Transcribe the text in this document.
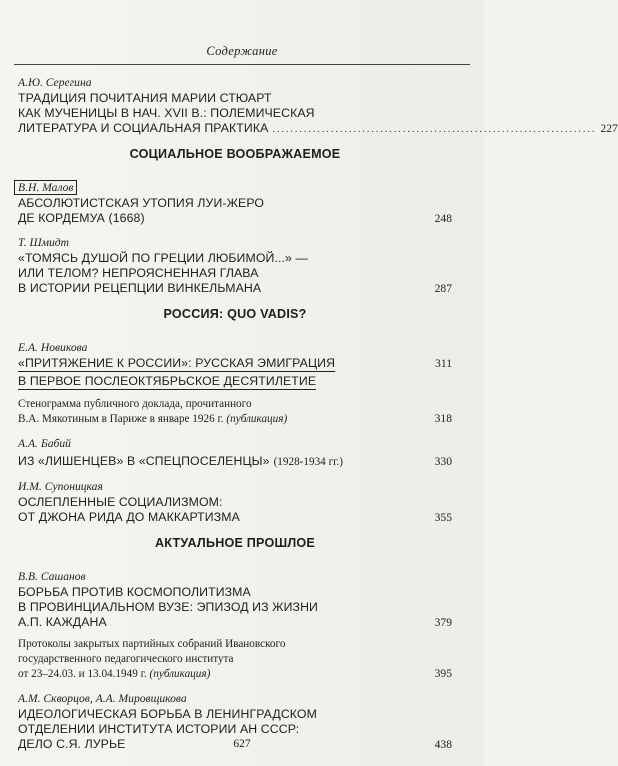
Содержание
А.Ю. Серегина
ТРАДИЦИЯ ПОЧИТАНИЯ МАРИИ СТЮАРТ
КАК МУЧЕНИЦЫ В НАЧ. XVII В.: ПОЛЕМИЧЕСКАЯ
ЛИТЕРАТУРА И СОЦИАЛЬНАЯ ПРАКТИКА ........................................................................ 227
СОЦИАЛЬНОЕ ВООБРАЖАЕМОЕ
В.Н. Малов
АБСОЛЮТИСТСКАЯ УТОПИЯ ЛУИ-ЖЕРО
ДЕ КОРДЕМУА (1668)	248
Т. Шмидт
«ТОМЯСЬ ДУШОЙ ПО ГРЕЦИИ ЛЮБИМОЙ...» —
ИЛИ ТЕЛОМ? НЕПРОЯСНЕННАЯ ГЛАВА
В ИСТОРИИ РЕЦЕПЦИИ ВИНКЕЛЬМАНА	287
РОССИЯ: QUO VADIS?
Е.А. Новикова
«ПРИТЯЖЕНИЕ К РОССИИ»: РУССКАЯ ЭМИГРАЦИЯ	311
В ПЕРВОЕ ПОСЛЕОКТЯБРЬСКОЕ ДЕСЯТИЛЕТИЕ
Стенограмма публичного доклада, прочитанного
В.А. Мякотиным в Париже в январе 1926 г. (публикация)	318
А.А. Бабий
ИЗ «ЛИШЕНЦЕВ» В «СПЕЦПОСЕЛЕНЦЫ» (1928-1934 гг.)	330
И.М. Супоницкая
ОСЛЕПЛЕННЫЕ СОЦИАЛИЗМОМ:
ОТ ДЖОНА РИДА ДО МАККАРТИЗМА	355
АКТУАЛЬНОЕ ПРОШЛОЕ
В.В. Сашанов
БОРЬБА ПРОТИВ КОСМОПОЛИТИЗМА
В ПРОВИНЦИАЛЬНОМ ВУЗЕ: ЭПИЗОД ИЗ ЖИЗНИ
А.П. КАЖДАНА	379
Протоколы закрытых партийных собраний Ивановского
государственного педагогического института
от 23–24.03. и 13.04.1949 г. (публикация)	395
А.М. Скворцов, А.А. Мировщикова
ИДЕОЛОГИЧЕСКАЯ БОРЬБА В ЛЕНИНГРАДСКОМ
ОТДЕЛЕНИИ ИНСТИТУТА ИСТОРИИ АН СССР:
ДЕЛО С.Я. ЛУРЬЕ	438
627
